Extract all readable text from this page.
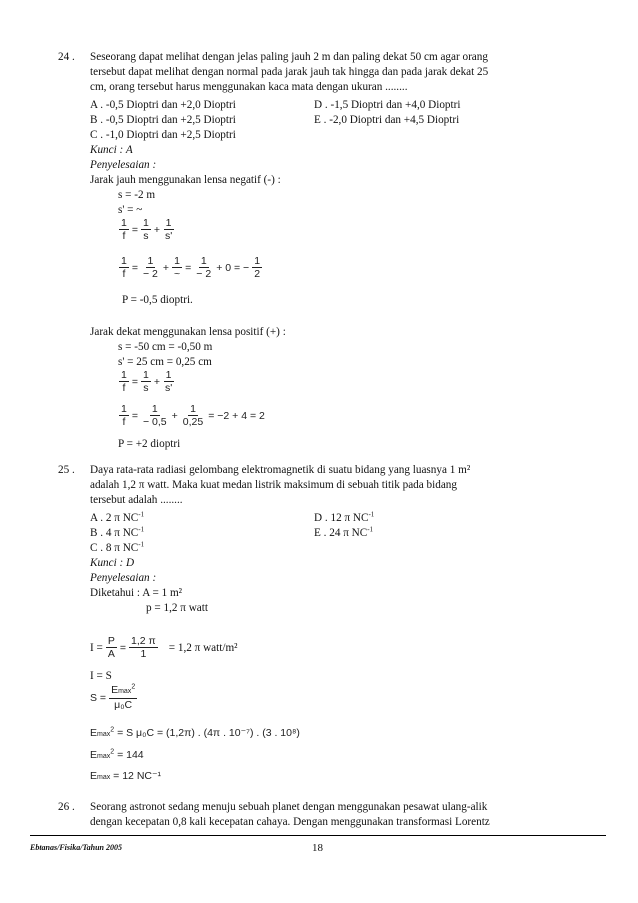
24 . Seseorang dapat melihat dengan jelas paling jauh 2 m dan paling dekat 50 cm agar orang
tersebut dapat melihat dengan normal pada jarak jauh tak hingga dan pada jarak dekat 25
cm, orang tersebut harus menggunakan kaca mata dengan ukuran ........
A . -0,5 Dioptri dan +2,0 Dioptri	D . -1,5 Dioptri dan +4,0 Dioptri
B . -0,5 Dioptri dan +2,5 Dioptri	E . -2,0 Dioptri dan +4,5 Dioptri
C . -1,0 Dioptri dan +2,5 Dioptri
Kunci : A
Penyelesaian :
Jarak jauh menggunakan lensa negatif (-) :
s = -2 m
s' = ~
$\frac{1}{f} = \frac{1}{s} + \frac{1}{s'}$
$\frac{1}{f} = \frac{1}{- 2} + \frac{1}{\sim} = \frac{1}{- 2} + 0$ = − $\frac{1}{2}$
P = -0,5 dioptri.
Jarak dekat menggunakan lensa positif (+) :
s = -50 cm = -0,50 m
s' = 25 cm = 0,25 cm
$\frac{1}{f} = \frac{1}{s} + \frac{1}{s'}$
$\frac{1}{f} = \frac{1}{- 0,5} + \frac{1}{0,25} = -2 + 4 = 2$
P = +2 dioptri
25 . Daya rata-rata radiasi gelombang elektromagnetik di suatu bidang yang luasnya 1 m²
adalah 1,2 π watt. Maka kuat medan listrik maksimum di sebuah titik pada bidang
tersebut adalah ........
A . 2 π $NC^{-1}$	D . 12 π $NC^{-1}$
B . 4 π $NC^{-1}$	E . 24 π $NC^{-1}$
C . 8 π $NC^{-1}$
Kunci : D
Penyelesaian :
Diketahui : A = 1 m²
p = 1,2 π watt
$I = \frac{P}{A} = \frac{1,2 \pi}{1} = 1,2$ π watt/m²
I = S
$S = \frac{Emax^2}{\text{μ₀C}}$
Emax$^2$ = S μ₀C = (1,2π) . (4π . 10⁻⁷) . (3 . 10⁸)
Emax$^2$ = 144
Emax = 12 NC⁻¹
26 . Seorang astronot sedang menuju sebuah planet dengan menggunakan pesawat ulang-alik
dengan kecepatan 0,8 kali kecepatan cahaya. Dengan menggunakan transformasi Lorentz
Ebtanas/Fisika/Tahun 2005	18
